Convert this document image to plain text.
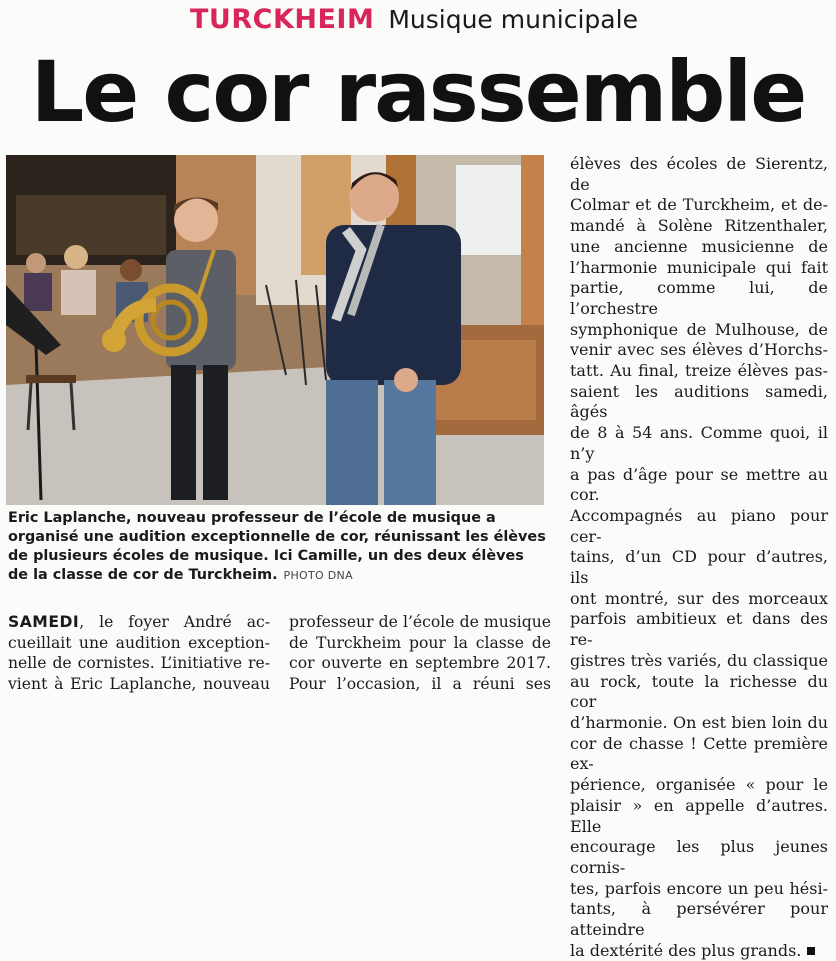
TURCKHEIM Musique municipale
Le cor rassemble
Eric Laplanche, nouveau professeur de l’école de musique a organisé une audition exceptionnelle de cor, réunissant les élèves de plusieurs écoles de musique. Ici Camille, un des deux élèves de la classe de cor de Turckheim. PHOTO DNA
SAMEDI, le foyer André ac-
cueillait une audition exception-
nelle de cornistes. L’initiative re-
vient à Eric Laplanche, nouveau
professeur de l’école de musique
de Turckheim pour la classe de
cor ouverte en septembre 2017.
Pour l’occasion, il a réuni ses
élèves des écoles de Sierentz, de
Colmar et de Turckheim, et de-
mandé à Solène Ritzenthaler,
une ancienne musicienne de
l’harmonie municipale qui fait
partie, comme lui, de l’orchestre
symphonique de Mulhouse, de
venir avec ses élèves d’Horchs-
tatt. Au final, treize élèves pas-
saient les auditions samedi, âgés
de 8 à 54 ans. Comme quoi, il n’y
a pas d’âge pour se mettre au cor.
Accompagnés au piano pour cer-
tains, d’un CD pour d’autres, ils
ont montré, sur des morceaux
parfois ambitieux et dans des re-
gistres très variés, du classique
au rock, toute la richesse du cor
d’harmonie. On est bien loin du
cor de chasse ! Cette première ex-
périence, organisée « pour le
plaisir » en appelle d’autres. Elle
encourage les plus jeunes cornis-
tes, parfois encore un peu hési-
tants, à persévérer pour atteindre
la dextérité des plus grands.
